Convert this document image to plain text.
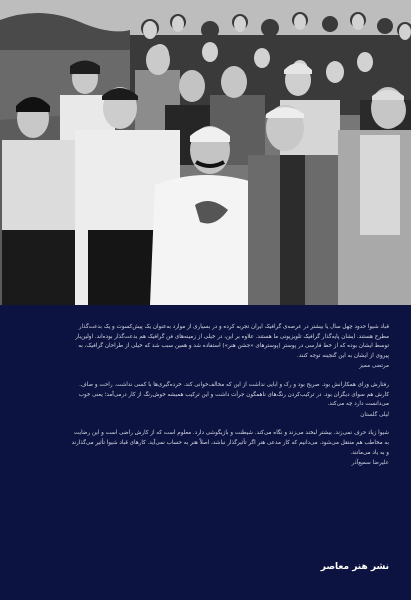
قباد شیوا حدود چهل سال یا بیشتر در عرصه‌ی گرافیک ایران تجربه کرده و در بسیاری از موارد به‌عنوان یک پیش‌کسوت و یک بدعت‌گذار مطرح هستند. ایشان پایه‌گذار گرافیک تلویزیونی ما هستند. علاوه بر این، در خیلی از زمینه‌های فن گرافیک هم بدعت‌گذار بوده‌اند. اولین‌بار توسط ایشان بوده که از خط فارسی در پوستر (پوسترهای «جشن هنر») استفاده شد و همین سبب شد که خیلی از طراحان گرافیک، به پیروی از ایشان به این گنجینه توجه کنند.

مرتضی ممیز

رفتارش ورای همکارانش بود. صریح بود و رک و ابایی نداشت از این که مخالف‌خوانی کند. خرده‌گیری‌ها با کسی نداشت. راحت و صاف. کارش هم سوای دیگران بود. در ترکیب‌کردن رنگ‌های ناهمگون جرأت داشت و این ترکیب همیشه خوش‌رنگ از کار درمی‌آمد؛ یعنی خوب می‌دانست دارد چه می‌کند.

لیلی گلستان

شیوا زیاد حرف نمی‌زند. بیشتر لبخند می‌زند و نگاه می‌کند. شیطنت و بازیگوشی دارد. معلوم است که از کارش راضی است و این رضایت به مخاطب هم منتقل می‌شود. می‌دانیم که کار مدعی هنر اگر تأثیرگذار نباشد، اصلاً هنر به حساب نمی‌آید. کارهای قباد شیوا تأثیر می‌گذارند و به یاد می‌مانند.

علیرضا سمیع‌آذر

نشر هنر معاصر
